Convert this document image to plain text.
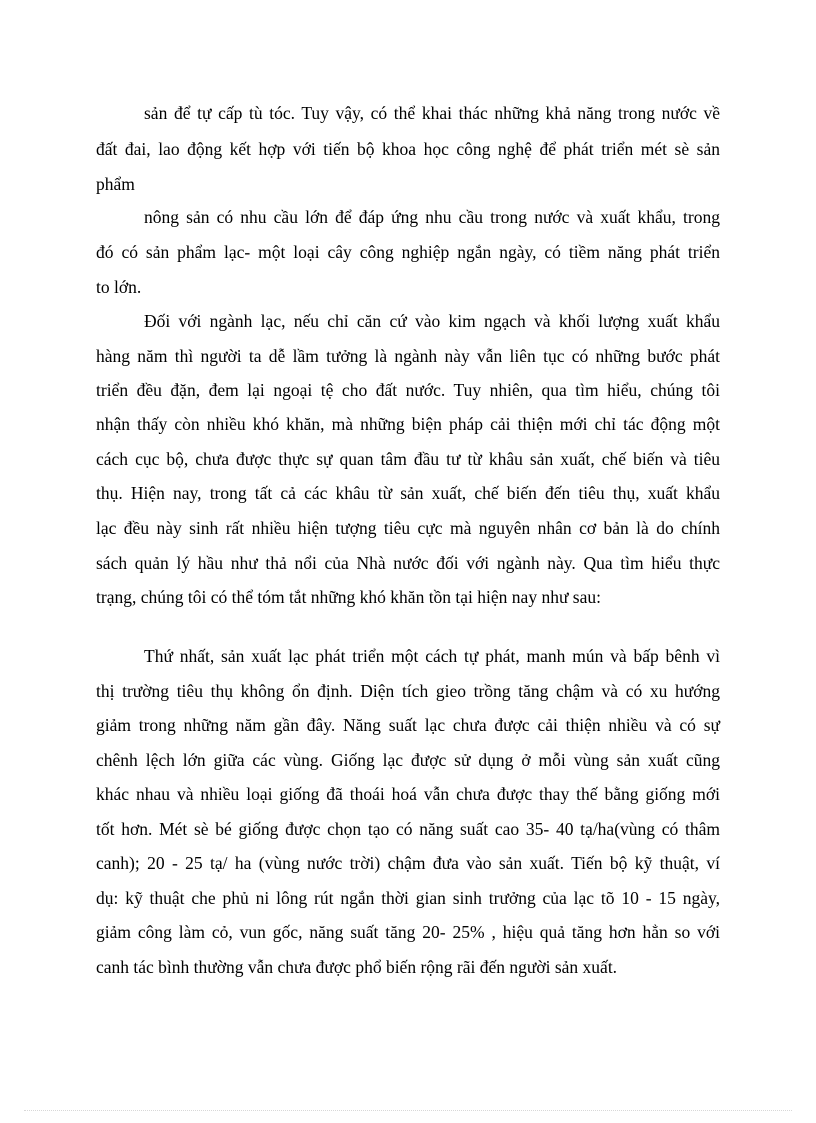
sản để tự cấp tù tóc. Tuy vậy, có thể khai thác những khả năng trong nước về
đất đai, lao động kết hợp với tiến bộ khoa học công nghệ để phát triển mét sè sản
phẩm
nông sản có nhu cầu lớn để đáp ứng nhu cầu trong nước và xuất khẩu, trong
đó có sản phẩm lạc- một loại cây công nghiệp ngắn ngày, có tiềm năng phát triển
to lớn.
Đối với ngành lạc, nếu chỉ căn cứ vào kim ngạch và khối lượng xuất khẩu
hàng năm thì người ta dễ lầm tưởng là ngành này vẫn liên tục có những bước phát
triển đều đặn, đem lại ngoại tệ cho đất nước. Tuy nhiên, qua tìm hiểu, chúng tôi
nhận thấy còn nhiều khó khăn, mà những biện pháp cải thiện mới chỉ tác động một
cách cục bộ, chưa được thực sự quan tâm đầu tư từ khâu sản xuất, chế biến và tiêu
thụ. Hiện nay, trong tất cả các khâu từ sản xuất, chế biến đến tiêu thụ, xuất khẩu
lạc đều này sinh rất nhiều hiện tượng tiêu cực mà nguyên nhân cơ bản là do chính
sách quản lý hầu như thả nổi của Nhà nước đối với ngành này. Qua tìm hiểu thực
trạng, chúng tôi có thể tóm tắt những khó khăn tồn tại hiện nay như sau:
Thứ nhất, sản xuất lạc phát triển một cách tự phát, manh mún và bấp bênh vì
thị trường tiêu thụ không ổn định. Diện tích gieo trồng tăng chậm và có xu hướng
giảm trong những năm gần đây. Năng suất lạc chưa được cải thiện nhiều và có sự
chênh lệch lớn giữa các vùng. Giống lạc được sử dụng ở mỗi vùng sản xuất cũng
khác nhau và nhiều loại giống đã thoái hoá vẫn chưa được thay thế bằng giống mới
tốt hơn. Mét sè bé giống được chọn tạo có năng suất cao 35- 40 tạ/ha(vùng có thâm
canh); 20 - 25 tạ/ ha (vùng nước trời) chậm đưa vào sản xuất. Tiến bộ kỹ thuật, ví
dụ: kỹ thuật che phủ ni lông rút ngắn thời gian sinh trưởng của lạc tõ 10 - 15 ngày,
giảm công làm cỏ, vun gốc, năng suất tăng 20- 25% , hiệu quả tăng hơn hẳn so với
canh tác bình thường vẫn chưa được phổ biến rộng rãi đến người sản xuất.
